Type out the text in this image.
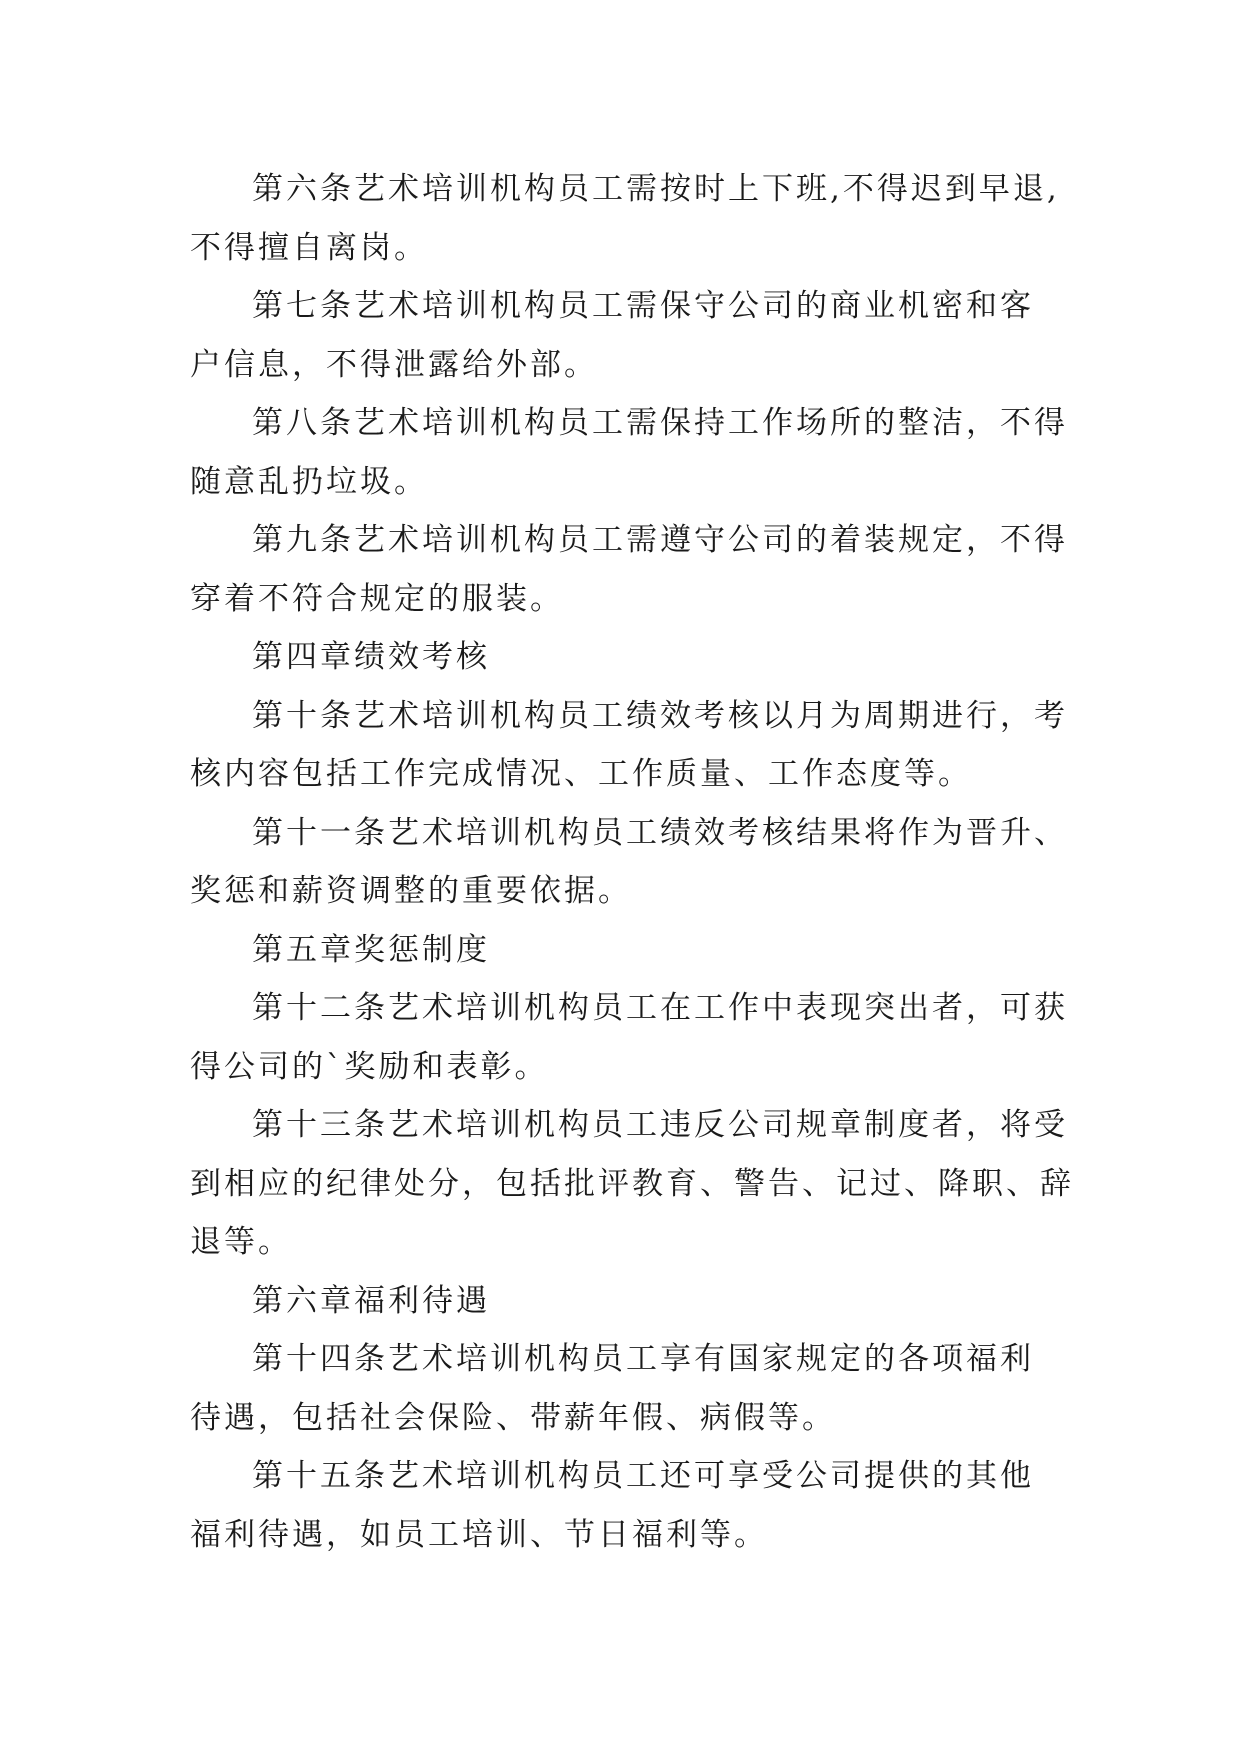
第六条艺术培训机构员工需按时上下班,不得迟到早退,
不得擅自离岗。

第七条艺术培训机构员工需保守公司的商业机密和客
户信息，不得泄露给外部。

第八条艺术培训机构员工需保持工作场所的整洁，不得
随意乱扔垃圾。

第九条艺术培训机构员工需遵守公司的着装规定，不得
穿着不符合规定的服装。

第四章绩效考核

第十条艺术培训机构员工绩效考核以月为周期进行，考
核内容包括工作完成情况、工作质量、工作态度等。

第十一条艺术培训机构员工绩效考核结果将作为晋升、
奖惩和薪资调整的重要依据。

第五章奖惩制度

第十二条艺术培训机构员工在工作中表现突出者，可获
得公司的`奖励和表彰。

第十三条艺术培训机构员工违反公司规章制度者，将受
到相应的纪律处分，包括批评教育、警告、记过、降职、辞
退等。

第六章福利待遇

第十四条艺术培训机构员工享有国家规定的各项福利
待遇，包括社会保险、带薪年假、病假等。

第十五条艺术培训机构员工还可享受公司提供的其他
福利待遇，如员工培训、节日福利等。
